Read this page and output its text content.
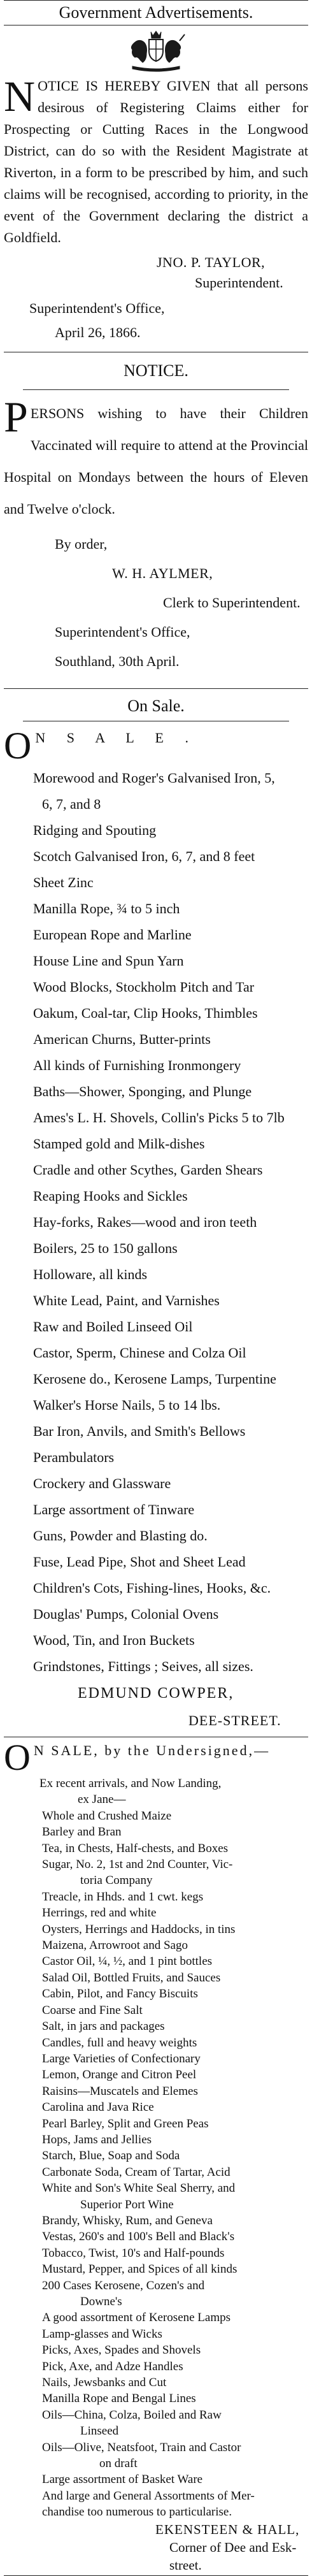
Government Advertisements.
NOTICE IS HEREBY GIVEN that all persons desirous of Registering Claims either for Prospecting or Cutting Races in the Longwood District, can do so with the Resident Magistrate at Riverton, in a form to be prescribed by him, and such claims will be recognised, according to priority, in the event of the Government declaring the district a Goldfield.
JNO. P. TAYLOR,
Superintendent.
Superintendent's Office,
April 26, 1866.
NOTICE.
PERSONS wishing to have their Children Vaccinated will require to attend at the Provincial Hospital on Mondays between the hours of Eleven and Twelve o'clock.
By order,
W. H. AYLMER,
Clerk to Superintendent.
Superintendent's Office,
Southland, 30th April.
On Sale.
O N S A L E .
Morewood and Roger's Galvanised Iron, 5,
6, 7, and 8
Ridging and Spouting
Scotch Galvanised Iron, 6, 7, and 8 feet
Sheet Zinc
Manilla Rope, ¾ to 5 inch
European Rope and Marline
House Line and Spun Yarn
Wood Blocks, Stockholm Pitch and Tar
Oakum, Coal-tar, Clip Hooks, Thimbles
American Churns, Butter-prints
All kinds of Furnishing Ironmongery
Baths—Shower, Sponging, and Plunge
Ames's L. H. Shovels, Collin's Picks 5 to 7lb
Stamped gold and Milk-dishes
Cradle and other Scythes, Garden Shears
Reaping Hooks and Sickles
Hay-forks, Rakes—wood and iron teeth
Boilers, 25 to 150 gallons
Holloware, all kinds
White Lead, Paint, and Varnishes
Raw and Boiled Linseed Oil
Castor, Sperm, Chinese and Colza Oil
Kerosene do., Kerosene Lamps, Turpentine
Walker's Horse Nails, 5 to 14 lbs.
Bar Iron, Anvils, and Smith's Bellows
Perambulators
Crockery and Glassware
Large assortment of Tinware
Guns, Powder and Blasting do.
Fuse, Lead Pipe, Shot and Sheet Lead
Children's Cots, Fishing-lines, Hooks, &c.
Douglas' Pumps, Colonial Ovens
Wood, Tin, and Iron Buckets
Grindstones, Fittings ; Seives, all sizes.
EDMUND COWPER,
DEE-STREET.
O N SALE, by the Undersigned,—
Ex recent arrivals, and Now Landing,
ex Jane—
Whole and Crushed Maize
Barley and Bran
Tea, in Chests, Half-chests, and Boxes
Sugar, No. 2, 1st and 2nd Counter, Vic-
toria Company
Treacle, in Hhds. and 1 cwt. kegs
Herrings, red and white
Oysters, Herrings and Haddocks, in tins
Maizena, Arrowroot and Sago
Castor Oil, ¼, ½, and 1 pint bottles
Salad Oil, Bottled Fruits, and Sauces
Cabin, Pilot, and Fancy Biscuits
Coarse and Fine Salt
Salt, in jars and packages
Candles, full and heavy weights
Large Varieties of Confectionary
Lemon, Orange and Citron Peel
Raisins—Muscatels and Elemes
Carolina and Java Rice
Pearl Barley, Split and Green Peas
Hops, Jams and Jellies
Starch, Blue, Soap and Soda
Carbonate Soda, Cream of Tartar, Acid
White and Son's White Seal Sherry, and
Superior Port Wine
Brandy, Whisky, Rum, and Geneva
Vestas, 260's and 100's Bell and Black's
Tobacco, Twist, 10's and Half-pounds
Mustard, Pepper, and Spices of all kinds
200 Cases Kerosene, Cozen's and
Downe's
A good assortment of Kerosene Lamps
Lamp-glasses and Wicks
Picks, Axes, Spades and Shovels
Pick, Axe, and Adze Handles
Nails, Jewsbanks and Cut
Manilla Rope and Bengal Lines
Oils—China, Colza, Boiled and Raw
Linseed
Oils—Olive, Neatsfoot, Train and Castor
on draft
Large assortment of Basket Ware
And large and General Assortments of Mer-
chandise too numerous to particularise.
EKENSTEEN & HALL,
Corner of Dee and Esk-street.
